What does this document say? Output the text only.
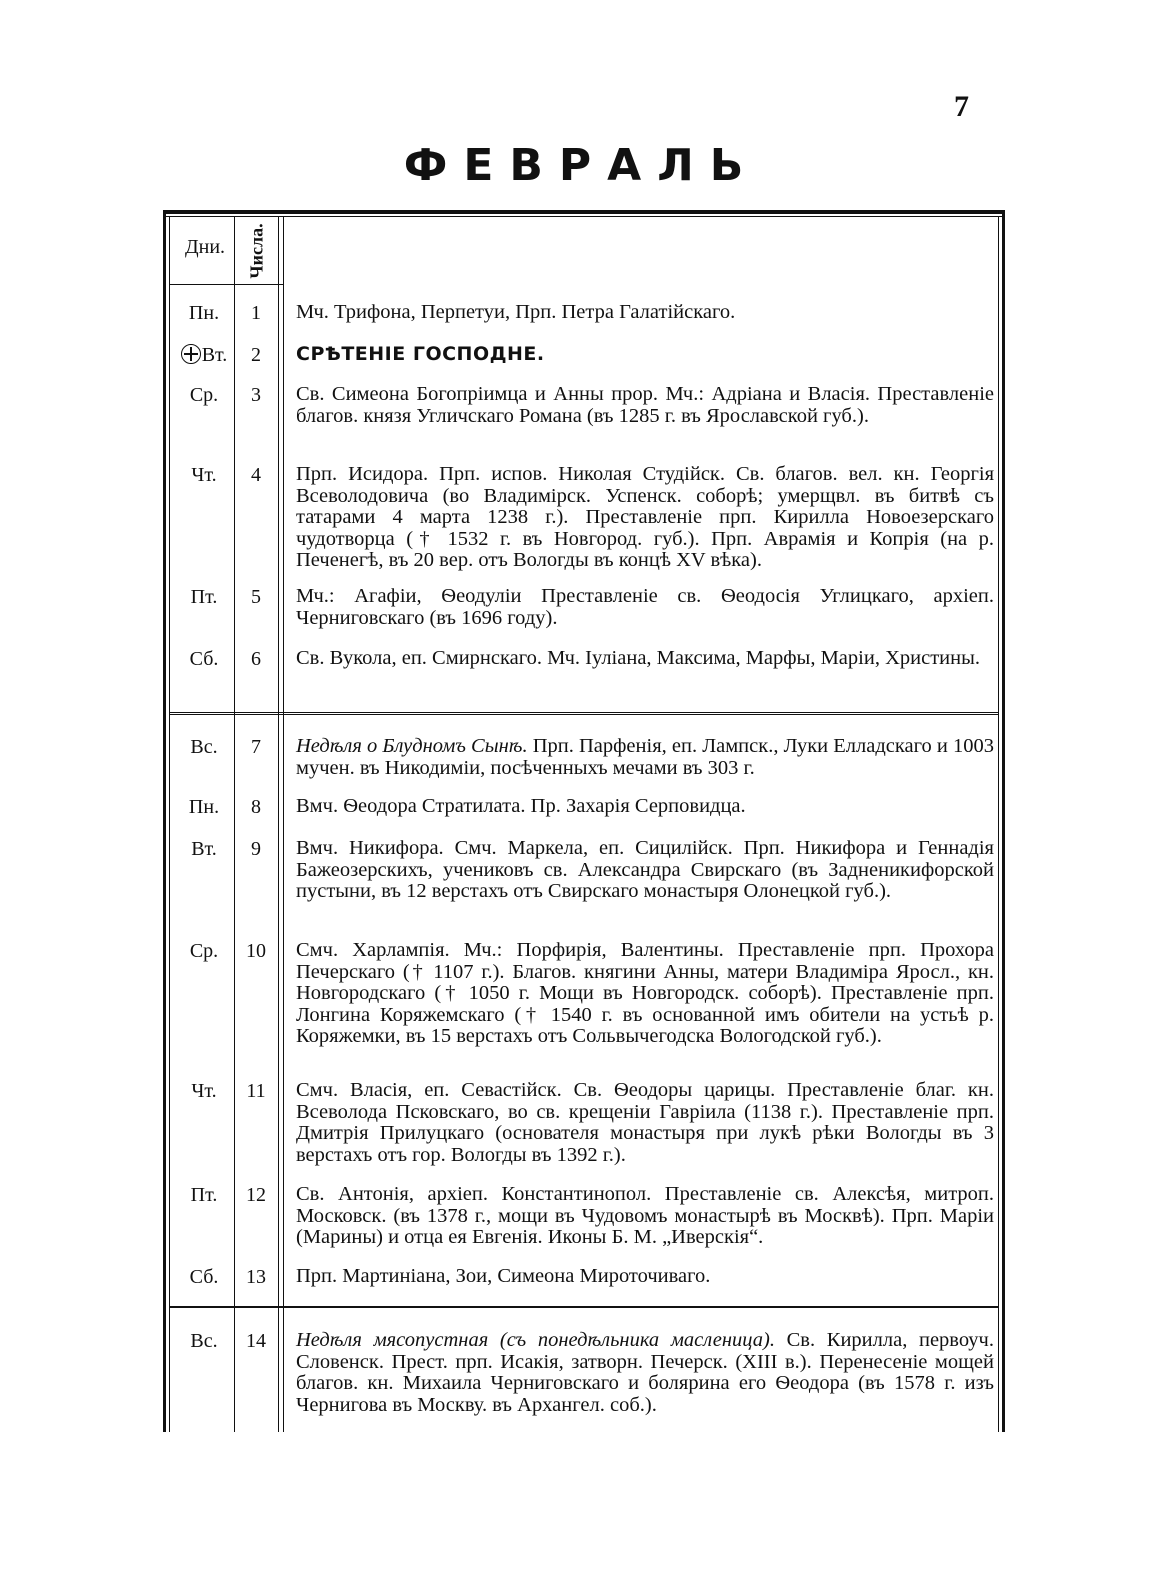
7
ФЕВРАЛЬ
Дни.	Числа.
Пн.	1	Мч. Трифона, Перпетуи, Прп. Петра Галатійскаго.
Вт.	2	СРѢТЕНІЕ ГОСПОДНЕ.
Ср.	3	Св. Симеона Богопріимца и Анны прор. Мч.: Адріана и Власія. Преставленіе благов. князя Угличскаго Романа (въ 1285 г. въ Ярославской губ.).
Чт.	4	Прп. Исидора. Прп. испов. Николая Студійск. Св. благов. вел. кн. Георгія Всеволодовича (во Владимірск. Успенск. соборѣ; умерщвл. въ битвѣ съ татарами 4 марта 1238 г.). Преставленіе прп. Кирилла Новоезерскаго чудотворца († 1532 г. въ Новгород. губ.). Прп. Аврамія и Копрія (на р. Печенегѣ, въ 20 вер. отъ Вологды въ концѣ XV вѣка).
Пт.	5	Мч.: Агафіи, Ѳеодуліи Преставленіе св. Ѳеодосія Углицкаго, архіеп. Черниговскаго (въ 1696 году).
Сб.	6	Св. Вукола, еп. Смирнскаго. Мч. Іуліана, Максима, Марфы, Маріи, Христины.
Вс.	7	Недѣля о Блудномъ Сынѣ. Прп. Парфенія, еп. Лампск., Луки Елладскаго и 1003 мучен. въ Никодиміи, посѣченныхъ мечами въ 303 г.
Пн.	8	Вмч. Ѳеодора Стратилата. Пр. Захарія Серповидца.
Вт.	9	Вмч. Никифора. Смч. Маркела, еп. Сицилійск. Прп. Никифора и Геннадія Бажеозерскихъ, учениковъ св. Александра Свирскаго (въ Задненикифорской пустыни, въ 12 верстахъ отъ Свирскаго монастыря Олонецкой губ.).
Ср.	10	Смч. Харлампія. Мч.: Порфирія, Валентины. Преставленіе прп. Прохора Печерскаго († 1107 г.). Благов. княгини Анны, матери Владиміра Яросл., кн. Новгородскаго († 1050 г. Мощи въ Новгородск. соборѣ). Преставленіе прп. Лонгина Коряжемскаго († 1540 г. въ основанной имъ обители на устьѣ р. Коряжемки, въ 15 верстахъ отъ Сольвычегодска Вологодской губ.).
Чт.	11	Смч. Власія, еп. Севастійск. Св. Ѳеодоры царицы. Преставленіе благ. кн. Всеволода Псковскаго, во св. крещеніи Гавріила (1138 г.). Преставленіе прп. Дмитрія Прилуцкаго (основателя монастыря при лукѣ рѣки Вологды въ 3 верстахъ отъ гор. Вологды въ 1392 г.).
Пт.	12	Св. Антонія, архіеп. Константинопол. Преставленіе св. Алексѣя, митроп. Московск. (въ 1378 г., мощи въ Чудовомъ монастырѣ въ Москвѣ). Прп. Маріи (Марины) и отца ея Евгенія. Иконы Б. М. „Иверскія“.
Сб.	13	Прп. Мартиніана, Зои, Симеона Мироточиваго.
Вс.	14	Недѣля мясопустная (съ понедѣльника масленица). Св. Кирилла, первоуч. Словенск. Прест. прп. Исакія, затворн. Печерск. (XIII в.). Перенесеніе мощей благов. кн. Михаила Черниговскаго и болярина его Ѳеодора (въ 1578 г. изъ Чернигова въ Москву. въ Архангел. соб.).
